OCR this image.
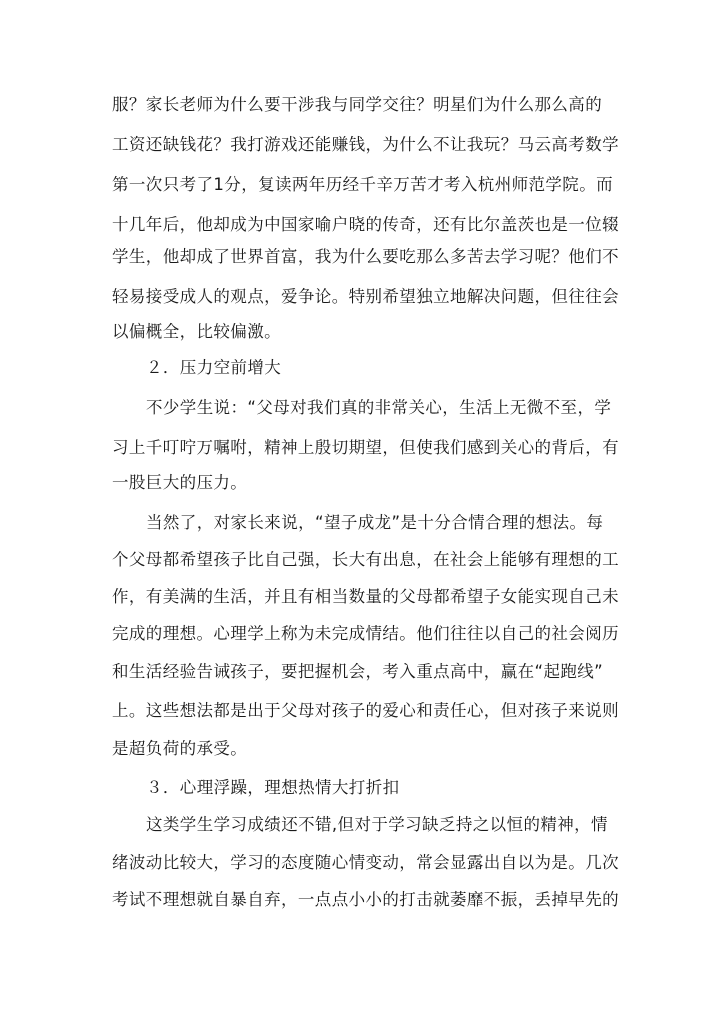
服？家长老师为什么要干涉我与同学交往？明星们为什么那么高的
工资还缺钱花？我打游戏还能赚钱，为什么不让我玩？马云高考数学
第一次只考了1分，复读两年历经千辛万苦才考入杭州师范学院。而
十几年后，他却成为中国家喻户晓的传奇，还有比尔盖茨也是一位辍
学生，他却成了世界首富，我为什么要吃那么多苦去学习呢？他们不
轻易接受成人的观点，爱争论。特别希望独立地解决问题，但往往会
以偏概全，比较偏激。
２．压力空前增大
不少学生说：“父母对我们真的非常关心，生活上无微不至，学
习上千叮咛万嘱咐，精神上殷切期望，但使我们感到关心的背后，有
一股巨大的压力。
当然了，对家长来说，“望子成龙”是十分合情合理的想法。每
个父母都希望孩子比自己强，长大有出息，在社会上能够有理想的工
作，有美满的生活，并且有相当数量的父母都希望子女能实现自己未
完成的理想。心理学上称为未完成情结。他们往往以自己的社会阅历
和生活经验告诫孩子，要把握机会，考入重点高中，赢在“起跑线”
上。这些想法都是出于父母对孩子的爱心和责任心，但对孩子来说则
是超负荷的承受。
３．心理浮躁，理想热情大打折扣
这类学生学习成绩还不错,但对于学习缺乏持之以恒的精神，情
绪波动比较大，学习的态度随心情变动，常会显露出自以为是。几次
考试不理想就自暴自弃，一点点小小的打击就萎靡不振，丢掉早先的
